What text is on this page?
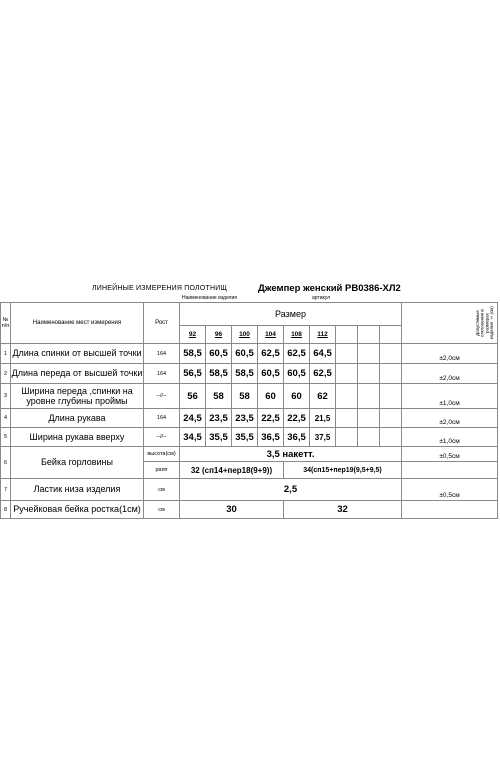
ЛИНЕЙНЫЕ ИЗМЕРЕНИЯ ПОЛОТНИЩ	Джемпер женский РВ0386-ХЛ2
Наименование изделия	артикул
№ п/п	Наименование мест измерения	Рост	Размер									Допустимые отклонения в размерах изделия ± (см)

			92	96	100	104	108	112				
1	Длина спинки от высшей точки	164	58,5	60,5	60,5	62,5	62,5	64,5				±2,0см
2	Длина переда от высшей точки	164	56,5	58,5	58,5	60,5	60,5	62,5				±2,0см
3	Ширина переда ,спинки на уровне глубины проймы	--//--	56	58	58	60	60	62				±1,0см
4	Длина рукава	164	24,5	23,5	23,5	22,5	22,5	21,5				±2,0см
5	Ширина рукава вверху	--//--	34,5	35,5	35,5	36,5	36,5	37,5				±1,0см
6	Бейка горловины	высота(см)	3,5 накетт.									±0,5см
		рапп	32 (сп14+пер18(9+9))				34(сп15+пер19(9,5+9,5)					
7	Ластик низа изделия	см	2,5									±0,5см
8	Ручейковая бейка ростка(1см)	см	30				32					
